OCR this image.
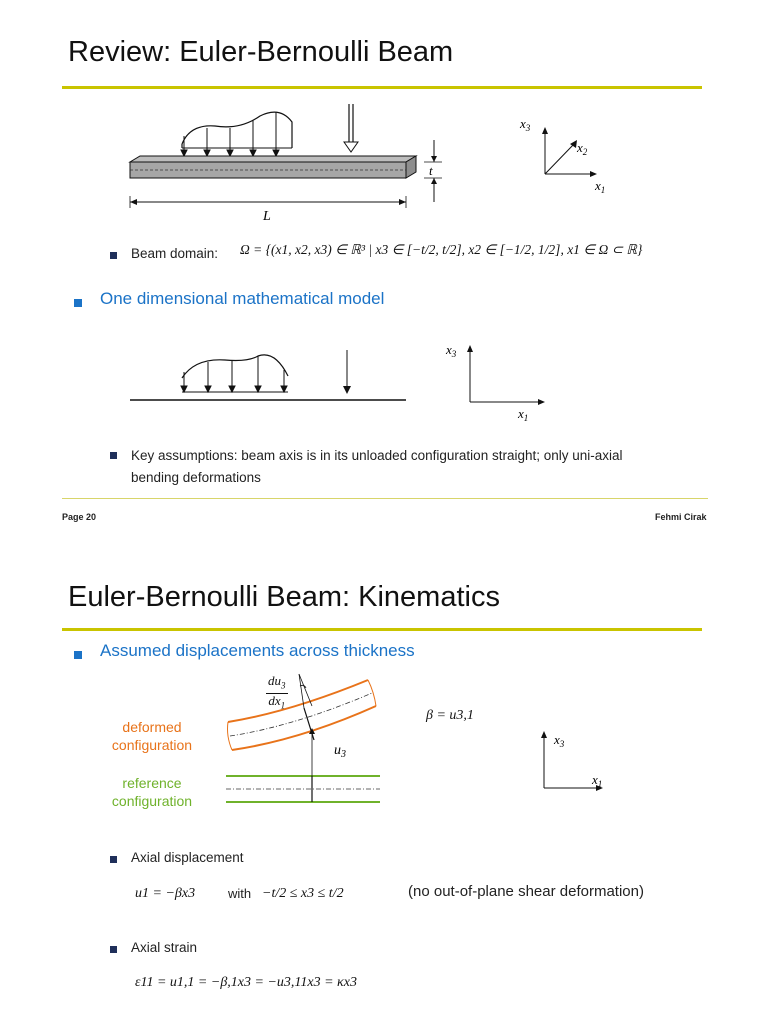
Review: Euler-Bernoulli Beam
t
L
$x_3$
$x_2$
$x_1$
Beam domain: Ω = {(x1, x2, x3) ∈ ℝ³ | x3 ∈ [−t/2, t/2], x2 ∈ [−1/2, 1/2], x1 ∈ Ω ⊂ ℝ}
One dimensional mathematical model
$x_3$
$x_1$
Key assumptions: beam axis is in its unloaded configuration straight; only uni-axial bending deformations
Page 20	Fehmi Cirak
Euler-Bernoulli Beam: Kinematics
Assumed displacements across thickness
deformed configuration
reference configuration
$u_3$
$\frac{du_3}{dx_1}$
β = u3,1
$x_3$
$x_1$
Axial displacement
u1 = −βx3	with −t/2 ≤ x3 ≤ t/2	(no out-of-plane shear deformation)
Axial strain
ε11 = u1,1 = −β,1x3 = −u3,11x3 = κx3
